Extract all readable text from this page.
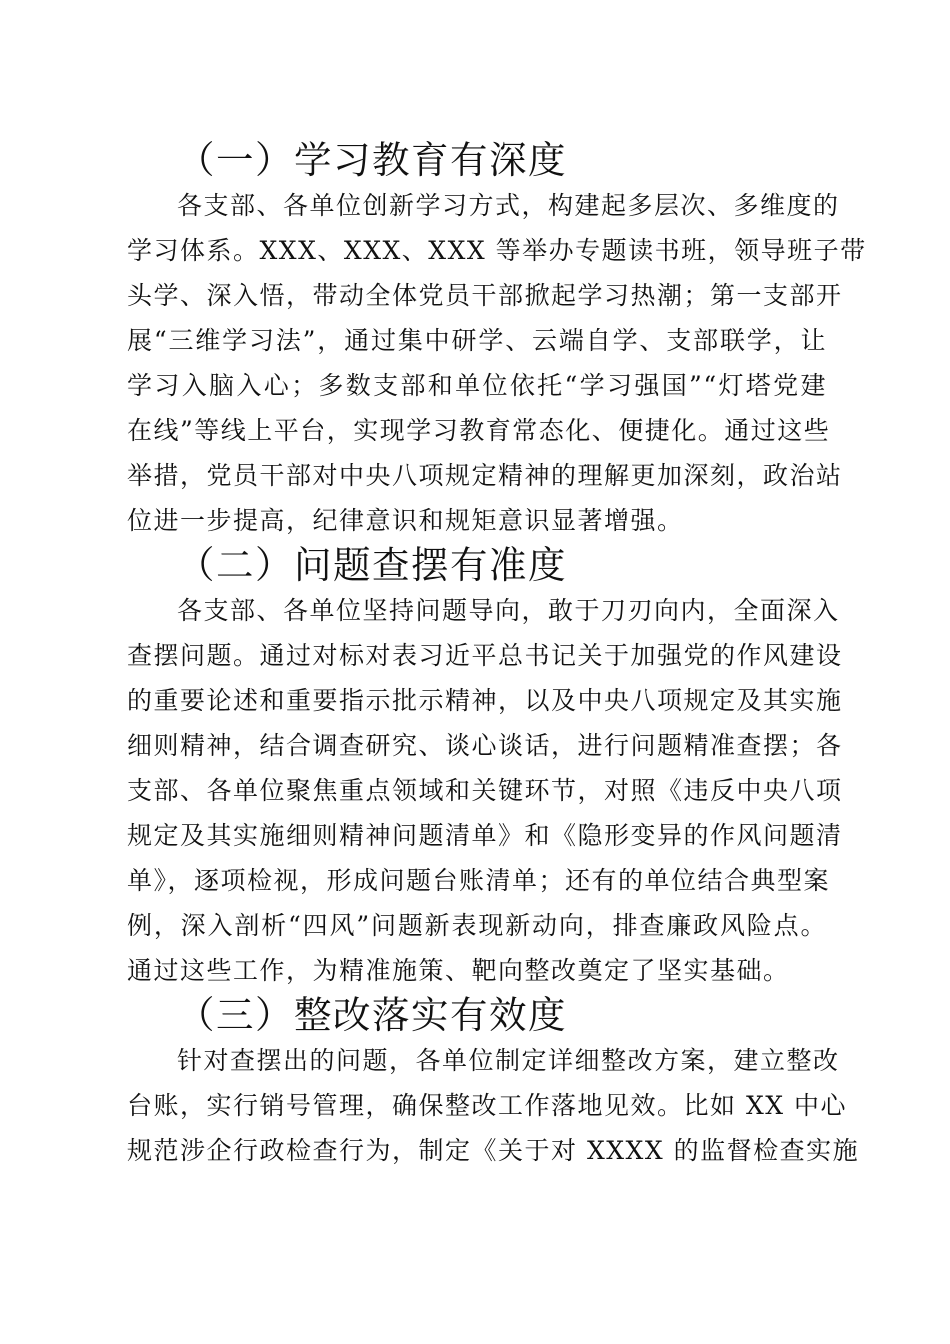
（一）学习教育有深度

各支部、各单位创新学习方式，构建起多层次、多维度的

学习体系。XXX、XXX、XXX 等举办专题读书班，领导班子带

头学、深入悟，带动全体党员干部掀起学习热潮；第一支部开

展“三维学习法”，通过集中研学、云端自学、支部联学，让

学习入脑入心；多数支部和单位依托“学习强国”“灯塔党建

在线”等线上平台，实现学习教育常态化、便捷化。通过这些

举措，党员干部对中央八项规定精神的理解更加深刻，政治站

位进一步提高，纪律意识和规矩意识显著增强。

（二）问题查摆有准度

各支部、各单位坚持问题导向，敢于刀刃向内，全面深入

查摆问题。通过对标对表习近平总书记关于加强党的作风建设

的重要论述和重要指示批示精神，以及中央八项规定及其实施

细则精神，结合调查研究、谈心谈话，进行问题精准查摆；各

支部、各单位聚焦重点领域和关键环节，对照《违反中央八项

规定及其实施细则精神问题清单》和《隐形变异的作风问题清

单》，逐项检视，形成问题台账清单；还有的单位结合典型案

例，深入剖析“四风”问题新表现新动向，排查廉政风险点。

通过这些工作，为精准施策、靶向整改奠定了坚实基础。

（三）整改落实有效度

针对查摆出的问题，各单位制定详细整改方案，建立整改

台账，实行销号管理，确保整改工作落地见效。比如 XX 中心

规范涉企行政检查行为，制定《关于对 XXXX 的监督检查实施
